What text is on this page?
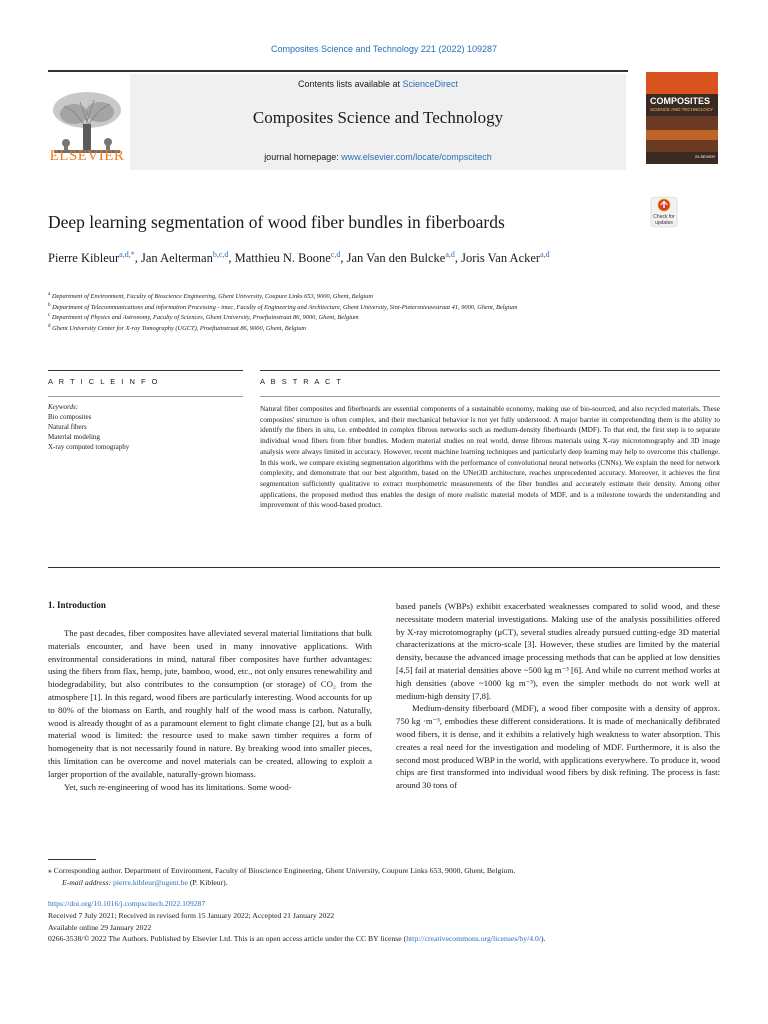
Composites Science and Technology 221 (2022) 109287
ELSEVIER
Contents lists available at ScienceDirect
Composites Science and Technology
journal homepage: www.elsevier.com/locate/compscitech
COMPOSITES
SCIENCE AND TECHNOLOGY
ELSEVIER
Deep learning segmentation of wood fiber bundles in fiberboards	Check for updates
Pierre Kibleur$^{a,d,*}$, Jan Aelterman$^{b,c,d}$, Matthieu N. Boone$^{c,d}$, Jan Van den Bulcke$^{a,d}$, Joris Van Acker$^{a,d}$
$^a$ Department of Environment, Faculty of Bioscience Engineering, Ghent University, Coupure Links 653, 9000, Ghent, Belgium
$^b$ Department of Telecommunications and information Processing - imec, Faculty of Engineering and Architecture, Ghent University, Sint-Pietersnieuwstraat 41, 9000, Ghent, Belgium
$^c$ Department of Physics and Astronomy, Faculty of Sciences, Ghent University, Proeftuinstraat 86, 9000, Ghent, Belgium
$^d$ Ghent University Center for X-ray Tomography (UGCT), Proeftuinstraat 86, 9000, Ghent, Belgium
A R T I C L E I N F O	A B S T R A C T
Keywords:
Bio composites
Natural fibers
Material modeling
X-ray computed tomography
Natural fiber composites and fiberboards are essential components of a sustainable economy, making use of bio-sourced, and also recycled materials. These composites' structure is often complex, and their mechanical behavior is not yet fully understood. A major barrier in comprehending them is the ability to identify the fibers in situ, i.e. embedded in complex fibrous networks such as medium-density fiberboards (MDF). To that end, the first step is to separate individual wood fibers from fiber bundles. Modern material studies on real world, dense fibrous materials using X-ray microtomography and 3D image analysis were always limited in accuracy. However, recent machine learning techniques and particularly deep learning may help to overcome this challenge. In this work, we compare existing segmentation algorithms with the performance of convolutional neural networks (CNNs). We explain the need for network complexity, and demonstrate that our best algorithm, based on the UNet3D architecture, reaches unprecedented accuracy. Moreover, it achieves the first segmentation sufficiently qualitative to extract morphometric measurements of the fiber bundles and accurately estimate their density. Among other applications, the proposed method thus enables the design of more realistic material models of MDF, and is a milestone towards the understanding and improvement of this wood-based product.
1. Introduction

The past decades, fiber composites have alleviated several material limitations that bulk materials encounter, and have been used in many innovative applications. With environmental considerations in mind, natural fiber composites have further advantages: using the fibers from flax, hemp, jute, bamboo, wood, etc., not only ensures renewability and biodegradability, but also contributes to the consumption (or storage) of CO₂ from the atmosphere [1]. In this regard, wood fibers are particularly interesting. Wood accounts for up to 80% of the biomass on Earth, and roughly half of the wood mass is carbon. Naturally, wood is already thought of as a paramount element to fight climate change [2], but as a bulk material wood is limited: the resource used to make sawn timber requires a form of homogeneity that is not necessarily found in nature. By breaking wood into smaller pieces, this limitation can be overcome and novel materials can be created, allowing to exploit a larger proportion of the available, naturally-grown biomass.

Yet, such re-engineering of wood has its limitations. Some wood-

based panels (WBPs) exhibit exacerbated weaknesses compared to solid wood, and these necessitate modern material investigations. Making use of the analysis possibilities offered by X-ray microtomography (μCT), several studies already pursued cutting-edge 3D material characterizations at the micro-scale [3]. However, these studies are limited by the material density, because the advanced image processing methods that can be applied at low densities [4,5] fail at material densities above ~500 kg m⁻³ [6]. And while no current method works at high densities (above ~1000 kg m⁻³), even the simpler methods do not work well at medium-high density [7,8].

Medium-density fiberboard (MDF), a wood fiber composite with a density of approx. 750 kg ·m⁻³, embodies these different considerations. It is made of mechanically defibrated wood fibers, it is dense, and it exhibits a relatively high weakness to water absorption. This creates a real need for the investigation and modeling of MDF. Furthermore, it is also the second most produced WBP in the world, with applications everywhere. To produce it, wood chips are first transformed into individual wood fibers by disk refining. The process is fast: around 30 tons of

⁎ Corresponding author. Department of Environment, Faculty of Bioscience Engineering, Ghent University, Coupure Links 653, 9000, Ghent, Belgium.
E-mail address: pierre.kibleur@ugent.be (P. Kibleur).
https://doi.org/10.1016/j.compscitech.2022.109287
Received 7 July 2021; Received in revised form 15 January 2022; Accepted 21 January 2022
Available online 29 January 2022
0266-3538/© 2022 The Authors. Published by Elsevier Ltd. This is an open access article under the CC BY license (http://creativecommons.org/licenses/by/4.0/).
